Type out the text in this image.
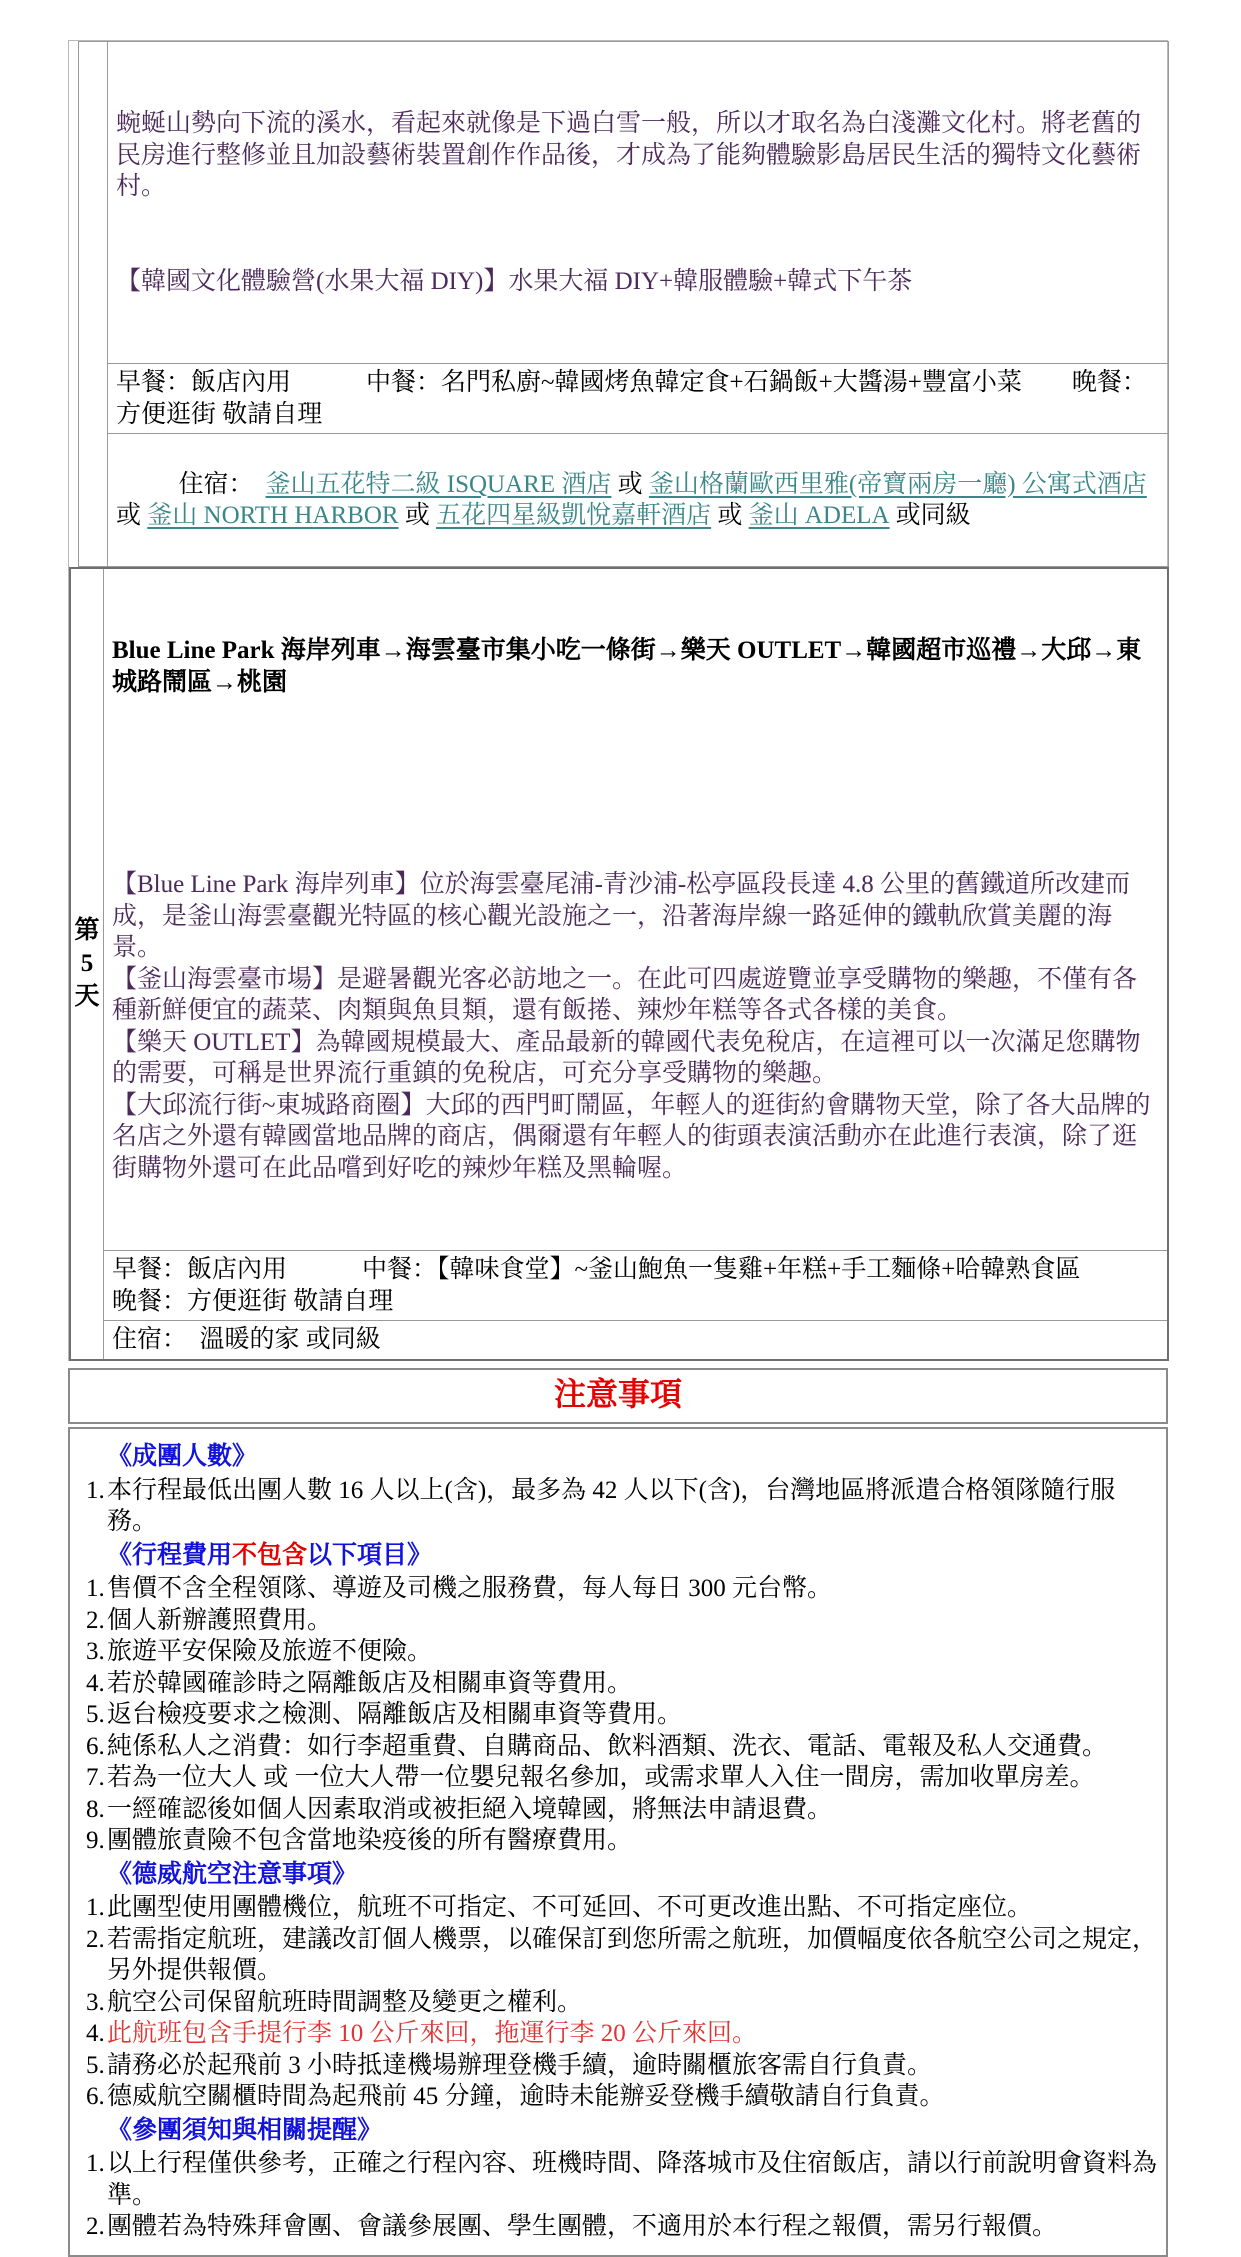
蜿蜒山勢向下流的溪水，看起來就像是下過白雪一般，所以才取名為白淺灘文化村。將老舊的民房進行整修並且加設藝術裝置創作作品後，才成為了能夠體驗影島居民生活的獨特文化藝術村。

【韓國文化體驗營(水果大福 DIY)】水果大福 DIY+韓服體驗+韓式下午茶

早餐：飯店內用　　　中餐：名門私廚~韓國烤魚韓定食+石鍋飯+大醬湯+豐富小菜　　晚餐：方便逛街 敬請自理

住宿： 釜山五花特二級 ISQUARE 酒店 或 釜山格蘭歐西里雅(帝寶兩房一廳) 公寓式酒店 或 釜山 NORTH HARBOR 或 五花四星級凱悅嘉軒酒店 或 釜山 ADELA 或同級

第
5
天

Blue Line Park 海岸列車→海雲臺市集小吃一條街→樂天 OUTLET→韓國超市巡禮→大邱→東城路鬧區→桃園

【Blue Line Park 海岸列車】位於海雲臺尾浦-青沙浦-松亭區段長達 4.8 公里的舊鐵道所改建而成，是釜山海雲臺觀光特區的核心觀光設施之一，沿著海岸線一路延伸的鐵軌欣賞美麗的海景。
【釜山海雲臺市場】是避暑觀光客必訪地之一。在此可四處遊覽並享受購物的樂趣，不僅有各種新鮮便宜的蔬菜、肉類與魚貝類，還有飯捲、辣炒年糕等各式各樣的美食。
【樂天 OUTLET】為韓國規模最大、產品最新的韓國代表免稅店，在這裡可以一次滿足您購物的需要，可稱是世界流行重鎮的免稅店，可充分享受購物的樂趣。
【大邱流行街~東城路商圈】大邱的西門町鬧區，年輕人的逛街約會購物天堂，除了各大品牌的名店之外還有韓國當地品牌的商店，偶爾還有年輕人的街頭表演活動亦在此進行表演，除了逛街購物外還可在此品嚐到好吃的辣炒年糕及黑輪喔。

早餐：飯店內用　　　中餐：【韓味食堂】~釜山鮑魚一隻雞+年糕+手工麵條+哈韓熟食區　　　晚餐：方便逛街 敬請自理
住宿：  溫暖的家 或同級
注意事項
《成團人數》
1. 本行程最低出團人數 16 人以上(含)，最多為 42 人以下(含)，台灣地區將派遣合格領隊隨行服務。
《行程費用不包含以下項目》
1. 售價不含全程領隊、導遊及司機之服務費，每人每日 300 元台幣。
2. 個人新辦護照費用。
3. 旅遊平安保險及旅遊不便險。
4. 若於韓國確診時之隔離飯店及相關車資等費用。
5. 返台檢疫要求之檢測、隔離飯店及相關車資等費用。
6. 純係私人之消費：如行李超重費、自購商品、飲料酒類、洗衣、電話、電報及私人交通費。
7. 若為一位大人 或 一位大人帶一位嬰兒報名參加，或需求單人入住一間房，需加收單房差。
8. 一經確認後如個人因素取消或被拒絕入境韓國，將無法申請退費。
9. 團體旅責險不包含當地染疫後的所有醫療費用。
《德威航空注意事項》
1. 此團型使用團體機位，航班不可指定、不可延回、不可更改進出點、不可指定座位。
2. 若需指定航班，建議改訂個人機票，以確保訂到您所需之航班，加價幅度依各航空公司之規定，另外提供報價。
3. 航空公司保留航班時間調整及變更之權利。
4. 此航班包含手提行李 10 公斤來回，拖運行李 20 公斤來回。
5. 請務必於起飛前 3 小時抵達機場辦理登機手續，逾時關櫃旅客需自行負責。
6. 德威航空關櫃時間為起飛前 45 分鐘，逾時未能辦妥登機手續敬請自行負責。
《參團須知與相關提醒》
1. 以上行程僅供參考，正確之行程內容、班機時間、降落城市及住宿飯店，請以行前說明會資料為準。
2. 團體若為特殊拜會團、會議參展團、學生團體，不適用於本行程之報價，需另行報價。
